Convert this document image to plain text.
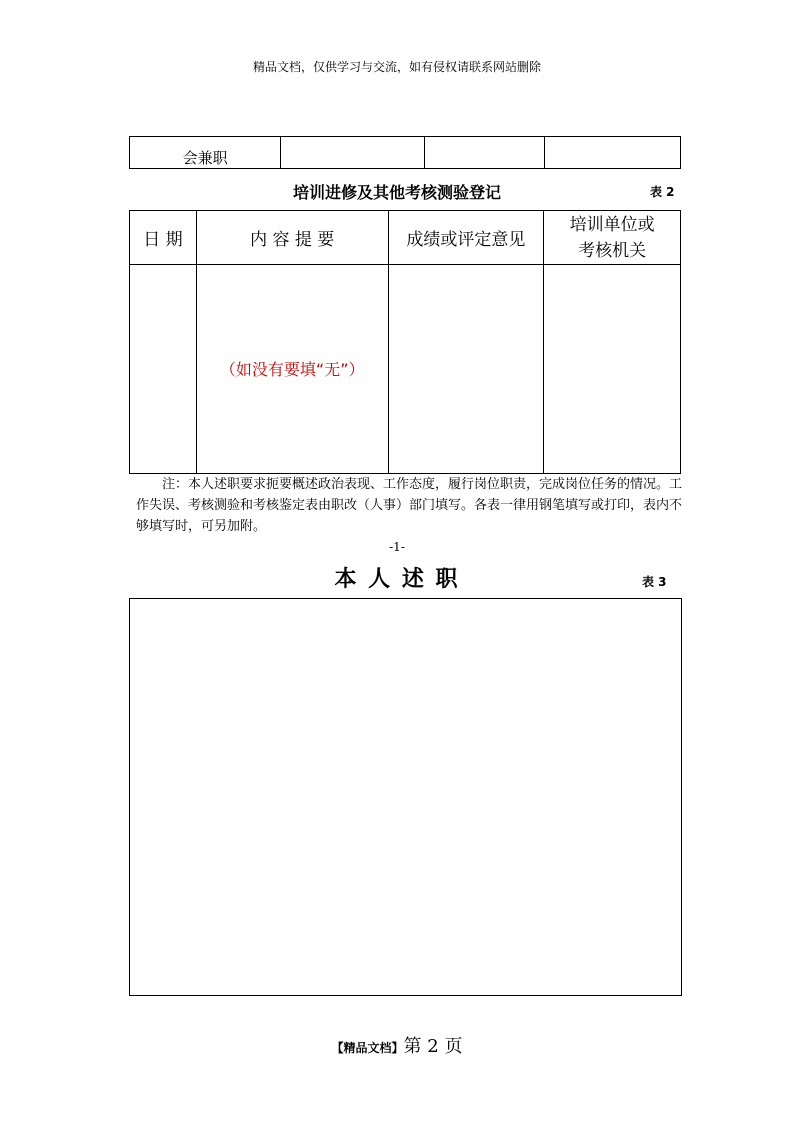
精品文档，仅供学习与交流，如有侵权请联系网站删除
会兼职			
培训进修及其他考核测验登记	表 2
日 期	内 容 提 要	成绩或评定意见	培训单位或
考核机关

	（如没有要填“无”）		

注：本人述职要求扼要概述政治表现、工作态度，履行岗位职责，完成岗位任务的情况。工作失误、考核测验和考核鉴定表由职改（人事）部门填写。各表一律用钢笔填写或打印，表内不够填写时，可另加附。
-1-
本 人 述 职	表 3
【精品文档】第 2 页
